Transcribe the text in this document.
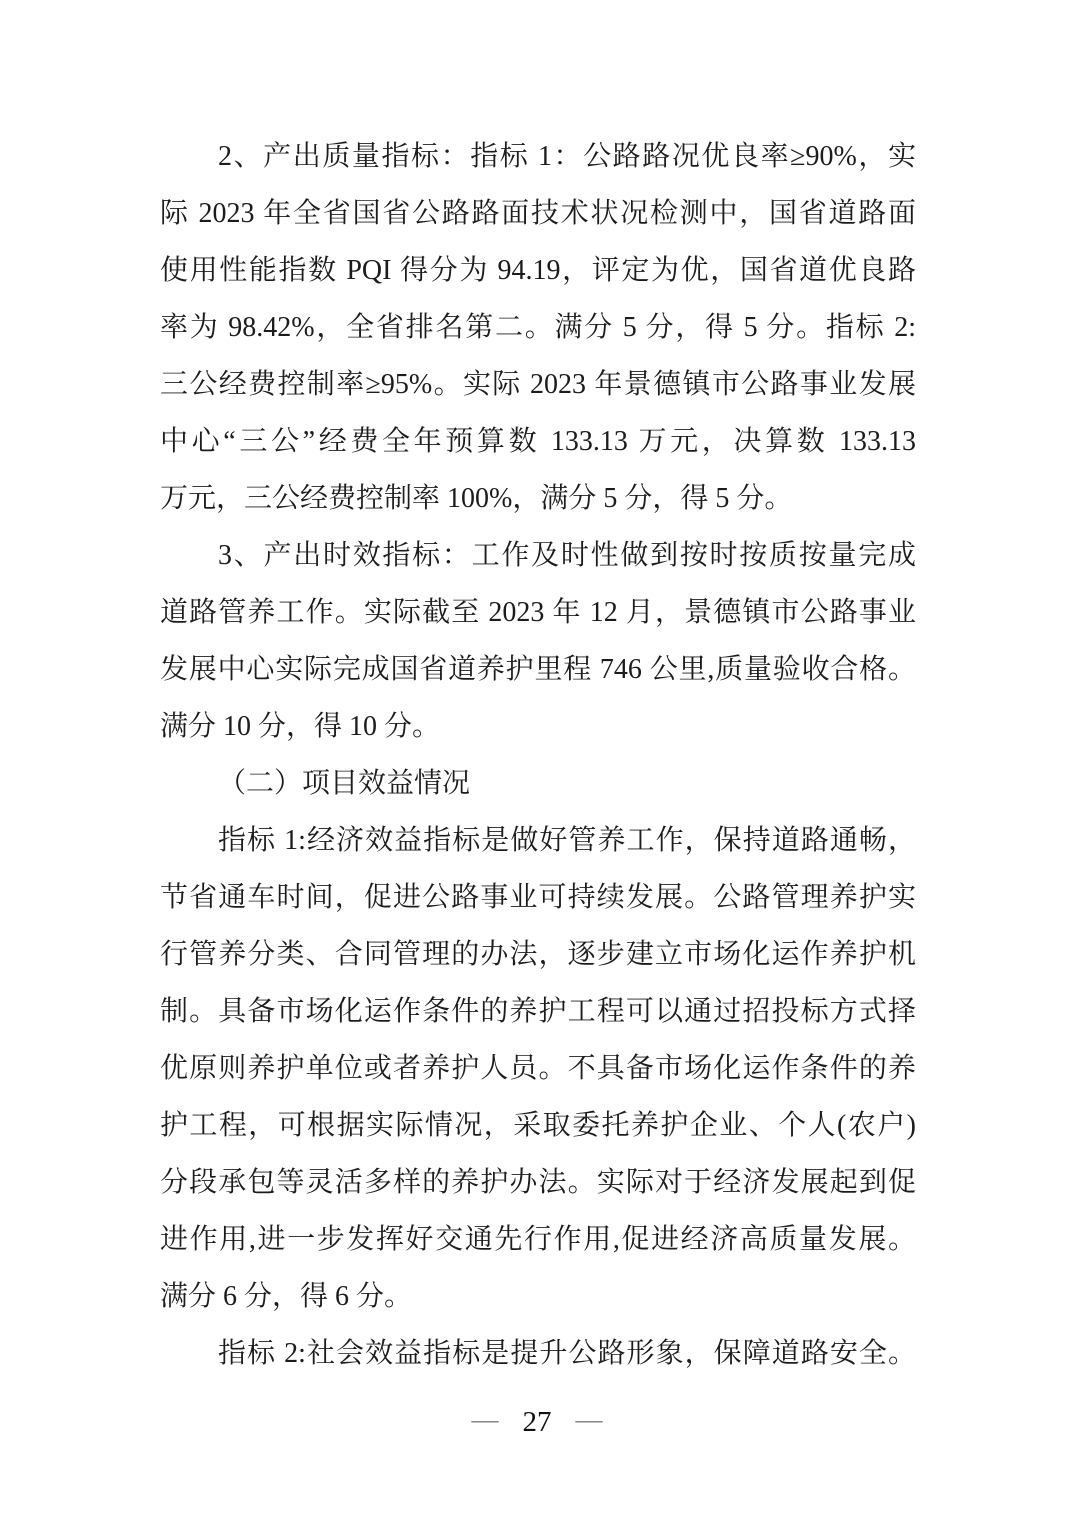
2、产出质量指标：指标 1：公路路况优良率≥90%，实
际 2023 年全省国省公路路面技术状况检测中，国省道路面
使用性能指数 PQI 得分为 94.19，评定为优，国省道优良路
率为 98.42%，全省排名第二。满分 5 分，得 5 分。指标 2:
三公经费控制率≥95%。实际 2023 年景德镇市公路事业发展
中心“三公”经费全年预算数 133.13 万元，决算数 133.13
万元，三公经费控制率 100%，满分 5 分，得 5 分。
3、产出时效指标：工作及时性做到按时按质按量完成
道路管养工作。实际截至 2023 年 12 月，景德镇市公路事业
发展中心实际完成国省道养护里程 746 公里,质量验收合格。
满分 10 分，得 10 分。
（二）项目效益情况
指标 1:经济效益指标是做好管养工作，保持道路通畅，
节省通车时间，促进公路事业可持续发展。公路管理养护实
行管养分类、合同管理的办法，逐步建立市场化运作养护机
制。具备市场化运作条件的养护工程可以通过招投标方式择
优原则养护单位或者养护人员。不具备市场化运作条件的养
护工程，可根据实际情况，采取委托养护企业、个人(农户)
分段承包等灵活多样的养护办法。实际对于经济发展起到促
进作用,进一步发挥好交通先行作用,促进经济高质量发展。
满分 6 分，得 6 分。
指标 2:社会效益指标是提升公路形象，保障道路安全。
— 27 —
